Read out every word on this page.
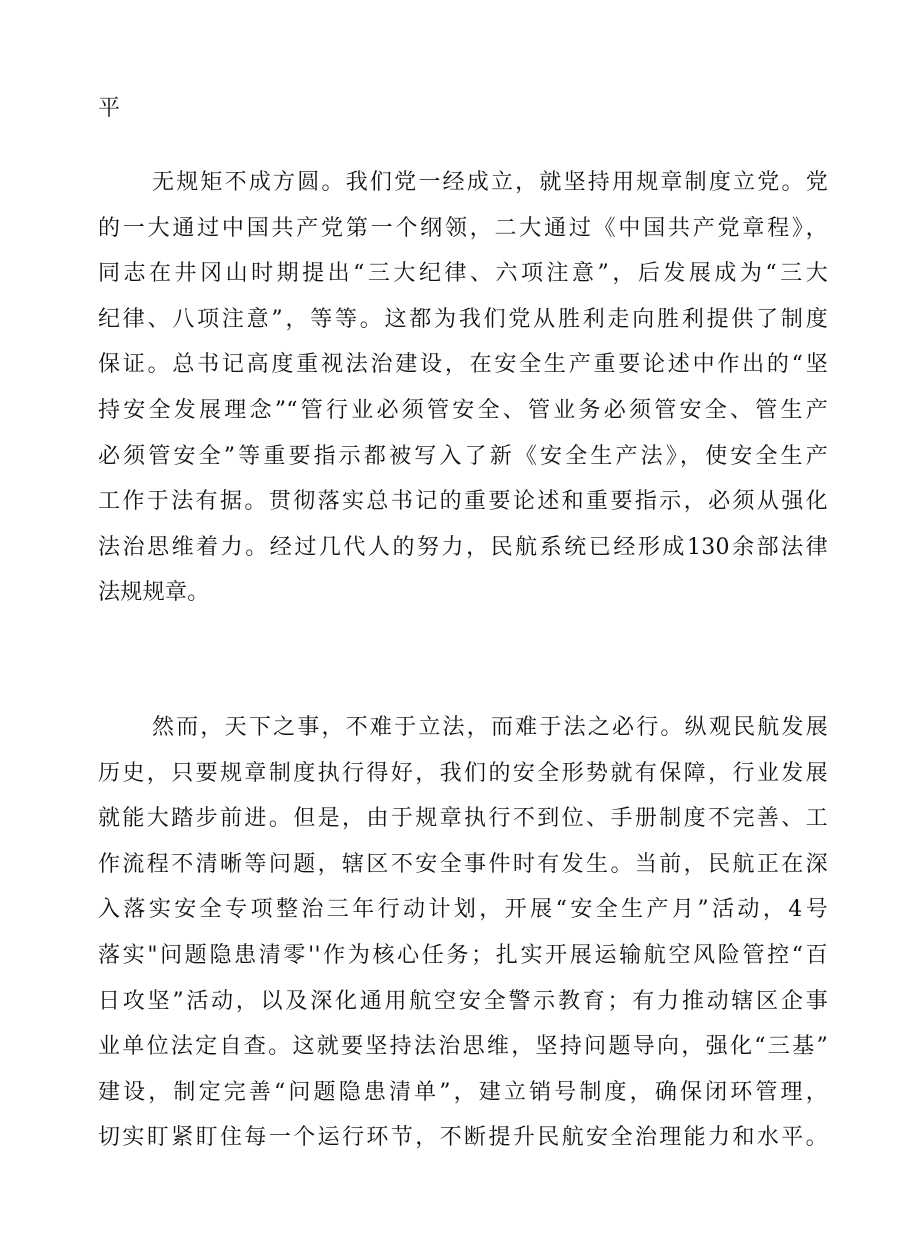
平
无规矩不成方圆。我们党一经成立，就坚持用规章制度立党。党
的一大通过中国共产党第一个纲领，二大通过《中国共产党章程》，
同志在井冈山时期提出“三大纪律、六项注意”，后发展成为“三大
纪律、八项注意”，等等。这都为我们党从胜利走向胜利提供了制度
保证。总书记高度重视法治建设，在安全生产重要论述中作出的“坚
持安全发展理念”“管行业必须管安全、管业务必须管安全、管生产
必须管安全”等重要指示都被写入了新《安全生产法》，使安全生产
工作于法有据。贯彻落实总书记的重要论述和重要指示，必须从强化
法治思维着力。经过几代人的努力，民航系统已经形成130余部法律
法规规章。
然而，天下之事，不难于立法，而难于法之必行。纵观民航发展
历史，只要规章制度执行得好，我们的安全形势就有保障，行业发展
就能大踏步前进。但是，由于规章执行不到位、手册制度不完善、工
作流程不清晰等问题，辖区不安全事件时有发生。当前，民航正在深
入落实安全专项整治三年行动计划，开展“安全生产月”活动，4号
落实"问题隐患清零''作为核心任务；扎实开展运输航空风险管控“百
日攻坚”活动，以及深化通用航空安全警示教育；有力推动辖区企事
业单位法定自查。这就要坚持法治思维，坚持问题导向，强化“三基”
建设，制定完善“问题隐患清单”，建立销号制度，确保闭环管理，
切实盯紧盯住每一个运行环节，不断提升民航安全治理能力和水平。
